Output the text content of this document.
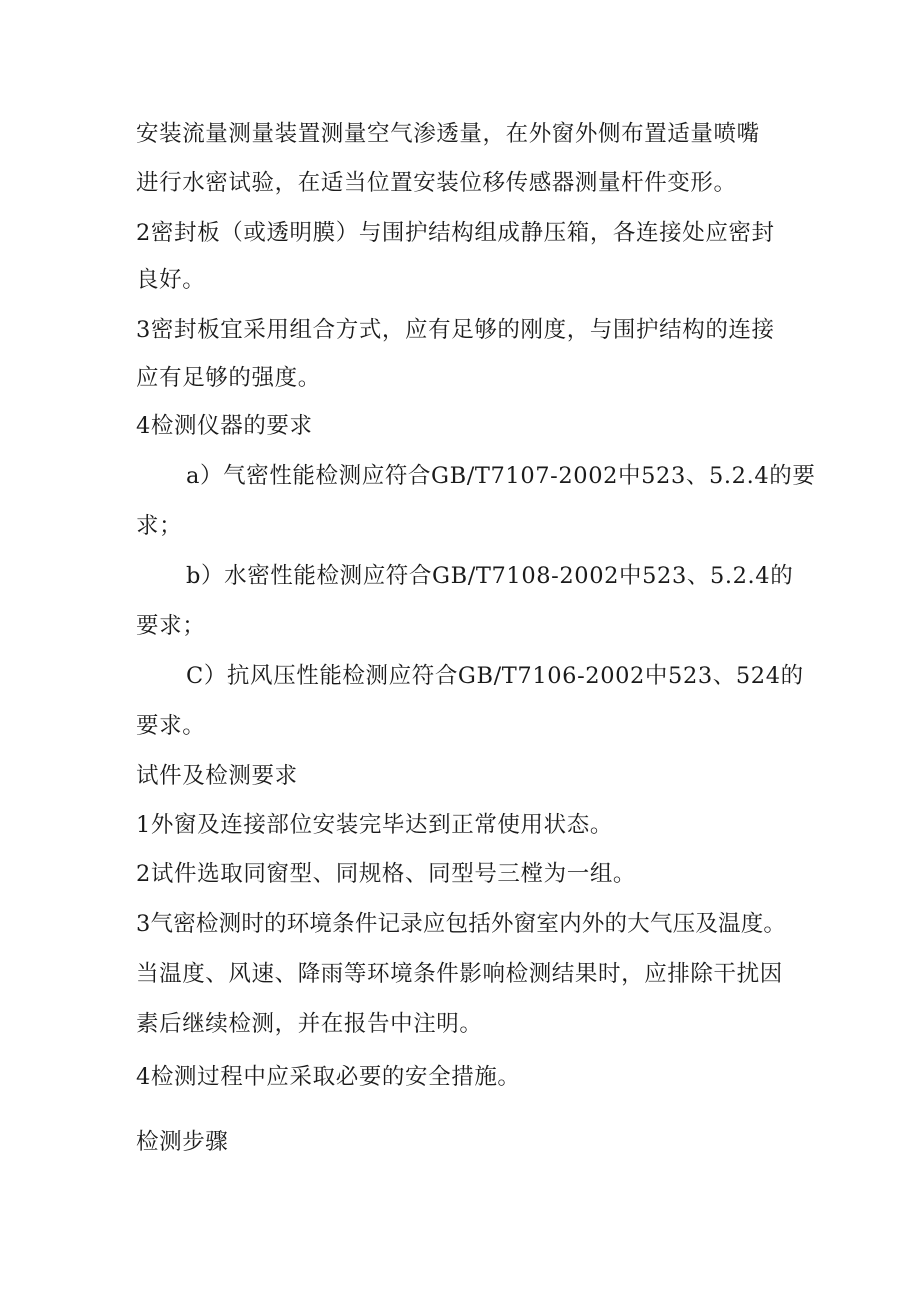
安装流量测量装置测量空气渗透量，在外窗外侧布置适量喷嘴

进行水密试验，在适当位置安装位移传感器测量杆件变形。

2密封板（或透明膜）与围护结构组成静压箱，各连接处应密封

良好。

3密封板宜采用组合方式，应有足够的刚度，与围护结构的连接

应有足够的强度。

4检测仪器的要求

a）气密性能检测应符合GB/T7107-2002中523、5.2.4的要

求；

b）水密性能检测应符合GB/T7108-2002中523、5.2.4的

要求；

C）抗风压性能检测应符合GB/T7106-2002中523、524的

要求。

试件及检测要求

1外窗及连接部位安装完毕达到正常使用状态。

2试件选取同窗型、同规格、同型号三樘为一组。

3气密检测时的环境条件记录应包括外窗室内外的大气压及温度。

当温度、风速、降雨等环境条件影响检测结果时，应排除干扰因

素后继续检测，并在报告中注明。

4检测过程中应采取必要的安全措施。

检测步骤
